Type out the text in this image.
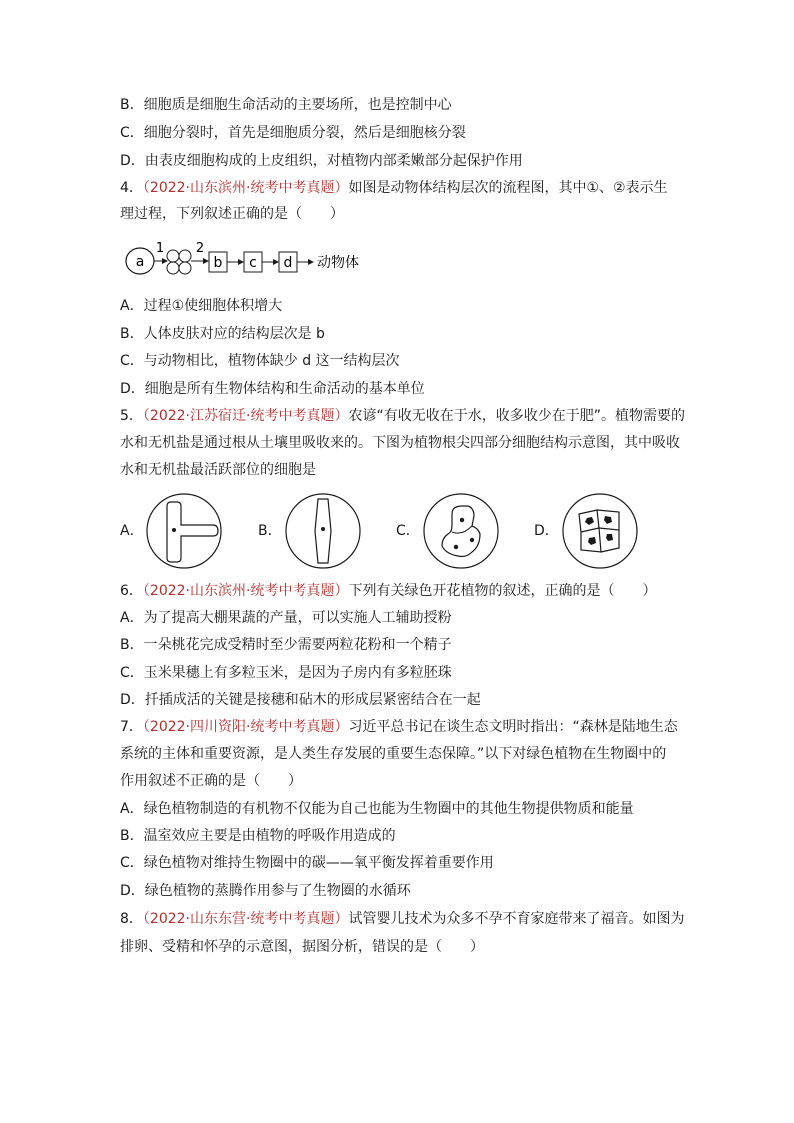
B．细胞质是细胞生命活动的主要场所，也是控制中心
C．细胞分裂时，首先是细胞质分裂，然后是细胞核分裂
D．由表皮细胞构成的上皮组织，对植物内部柔嫩部分起保护作用
4．（2022·山东滨州·统考中考真题）如图是动物体结构层次的流程图，其中①、②表示生
理过程，下列叙述正确的是（　　）
a
1 2
b c d 动物体
A．过程①使细胞体积增大
B．人体皮肤对应的结构层次是 b
C．与动物相比，植物体缺少 d 这一结构层次
D．细胞是所有生物体结构和生命活动的基本单位
5．（2022·江苏宿迁·统考中考真题）农谚“有收无收在于水，收多收少在于肥”。植物需要的
水和无机盐是通过根从土壤里吸收来的。下图为植物根尖四部分细胞结构示意图，其中吸收
水和无机盐最活跃部位的细胞是
A．	B．	C．	D．
6．（2022·山东滨州·统考中考真题）下列有关绿色开花植物的叙述，正确的是（　　）
A．为了提高大棚果蔬的产量，可以实施人工辅助授粉
B．一朵桃花完成受精时至少需要两粒花粉和一个精子
C．玉米果穗上有多粒玉米，是因为子房内有多粒胚珠
D．扦插成活的关键是接穗和砧木的形成层紧密结合在一起
7．（2022·四川资阳·统考中考真题）习近平总书记在谈生态文明时指出：“森林是陆地生态
系统的主体和重要资源，是人类生存发展的重要生态保障。”以下对绿色植物在生物圈中的
作用叙述不正确的是（　　）
A．绿色植物制造的有机物不仅能为自己也能为生物圈中的其他生物提供物质和能量
B．温室效应主要是由植物的呼吸作用造成的
C．绿色植物对维持生物圈中的碳——氧平衡发挥着重要作用
D．绿色植物的蒸腾作用参与了生物圈的水循环
8．（2022·山东东营·统考中考真题）试管婴儿技术为众多不孕不育家庭带来了福音。如图为
排卵、受精和怀孕的示意图，据图分析，错误的是（　　）
